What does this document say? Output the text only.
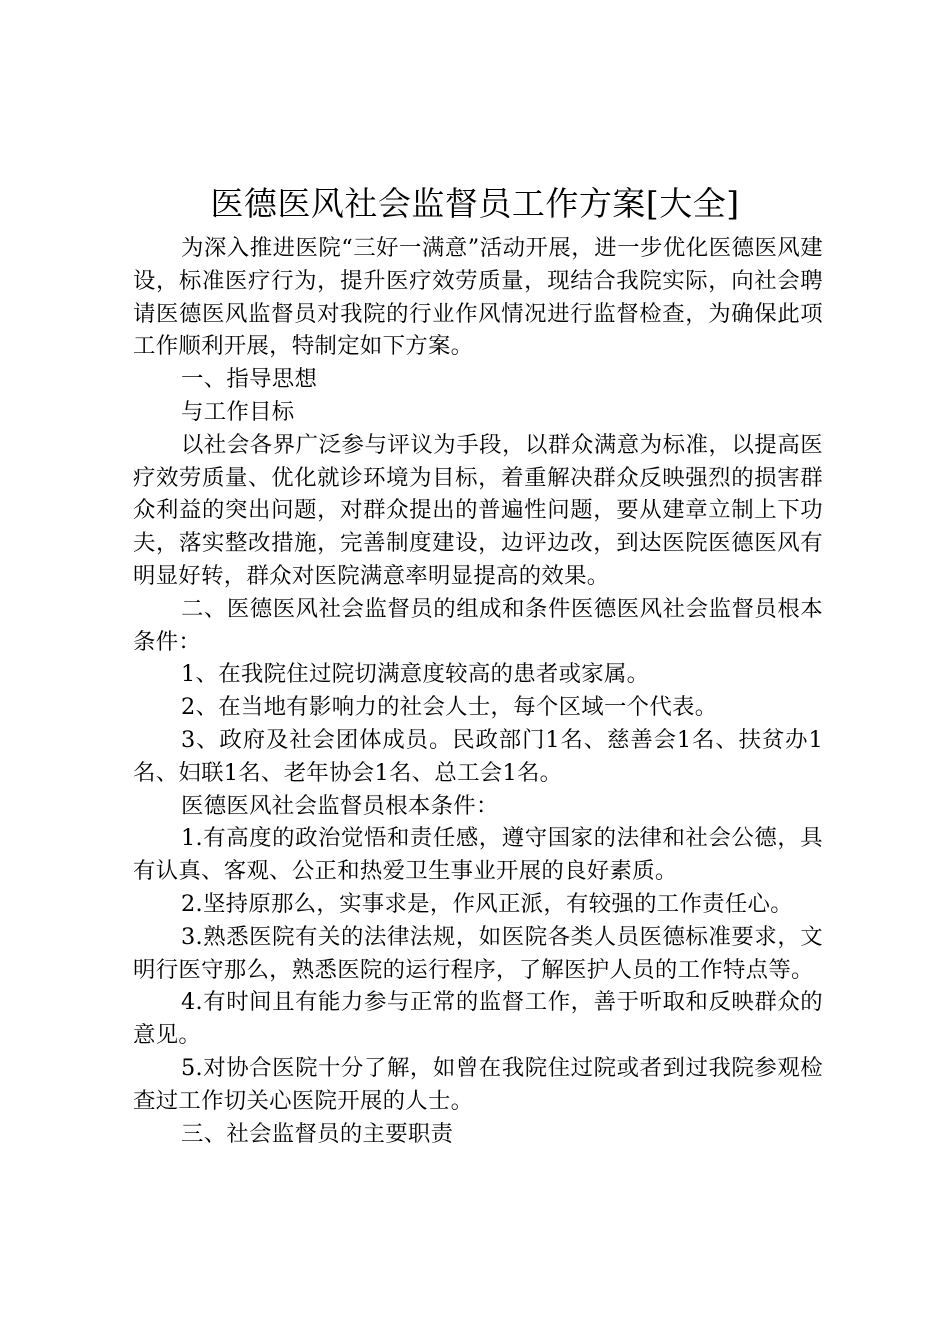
医德医风社会监督员工作方案[大全]

为深入推进医院“三好一满意”活动开展，进一步优化医德医风建设，标准医疗行为，提升医疗效劳质量，现结合我院实际，向社会聘请医德医风监督员对我院的行业作风情况进行监督检查，为确保此项工作顺利开展，特制定如下方案。

一、指导思想

与工作目标

以社会各界广泛参与评议为手段，以群众满意为标准，以提高医疗效劳质量、优化就诊环境为目标，着重解决群众反映强烈的损害群众利益的突出问题，对群众提出的普遍性问题，要从建章立制上下功夫，落实整改措施，完善制度建设，边评边改，到达医院医德医风有明显好转，群众对医院满意率明显提高的效果。

二、医德医风社会监督员的组成和条件医德医风社会监督员根本条件：

1、在我院住过院切满意度较高的患者或家属。

2、在当地有影响力的社会人士，每个区域一个代表。

3、政府及社会团体成员。民政部门1名、慈善会1名、扶贫办1名、妇联1名、老年协会1名、总工会1名。

医德医风社会监督员根本条件：

1.有高度的政治觉悟和责任感，遵守国家的法律和社会公德，具有认真、客观、公正和热爱卫生事业开展的良好素质。

2.坚持原那么，实事求是，作风正派，有较强的工作责任心。

3.熟悉医院有关的法律法规，如医院各类人员医德标准要求，文明行医守那么，熟悉医院的运行程序，了解医护人员的工作特点等。

4.有时间且有能力参与正常的监督工作，善于听取和反映群众的意见。

5.对协合医院十分了解，如曾在我院住过院或者到过我院参观检查过工作切关心医院开展的人士。

三、社会监督员的主要职责
